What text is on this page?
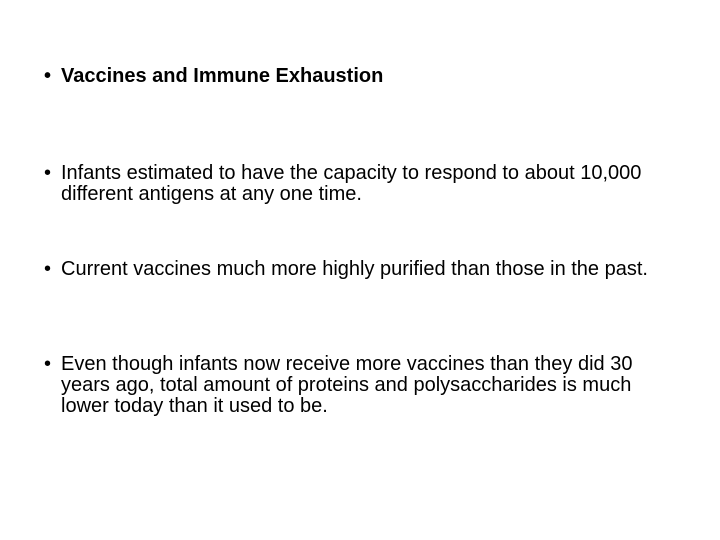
• Vaccines and Immune Exhaustion
• Infants estimated to have the capacity to respond to about 10,000 different antigens at any one time.
• Current vaccines much more highly purified than those in the past.
• Even though infants now receive more vaccines than they did 30 years ago, total amount of proteins and polysaccharides is much lower today than it used to be.
